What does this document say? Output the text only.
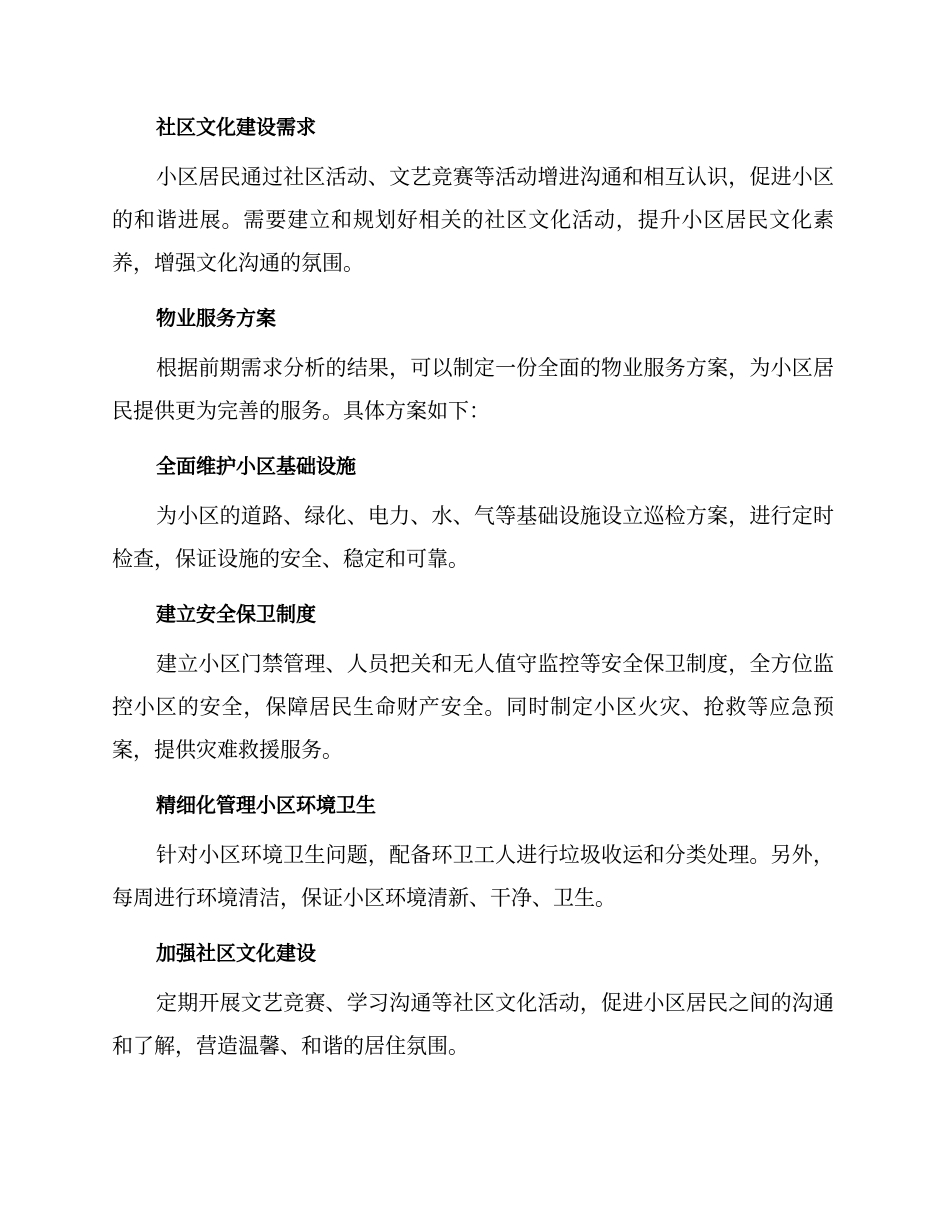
社区文化建设需求

小区居民通过社区活动、文艺竞赛等活动增进沟通和相互认识，促进小区的和谐进展。需要建立和规划好相关的社区文化活动，提升小区居民文化素养，增强文化沟通的氛围。

物业服务方案

根据前期需求分析的结果，可以制定一份全面的物业服务方案，为小区居民提供更为完善的服务。具体方案如下：

全面维护小区基础设施

为小区的道路、绿化、电力、水、气等基础设施设立巡检方案，进行定时检查，保证设施的安全、稳定和可靠。

建立安全保卫制度

建立小区门禁管理、人员把关和无人值守监控等安全保卫制度，全方位监控小区的安全，保障居民生命财产安全。同时制定小区火灾、抢救等应急预案，提供灾难救援服务。

精细化管理小区环境卫生

针对小区环境卫生问题，配备环卫工人进行垃圾收运和分类处理。另外，每周进行环境清洁，保证小区环境清新、干净、卫生。

加强社区文化建设

定期开展文艺竞赛、学习沟通等社区文化活动，促进小区居民之间的沟通和了解，营造温馨、和谐的居住氛围。
